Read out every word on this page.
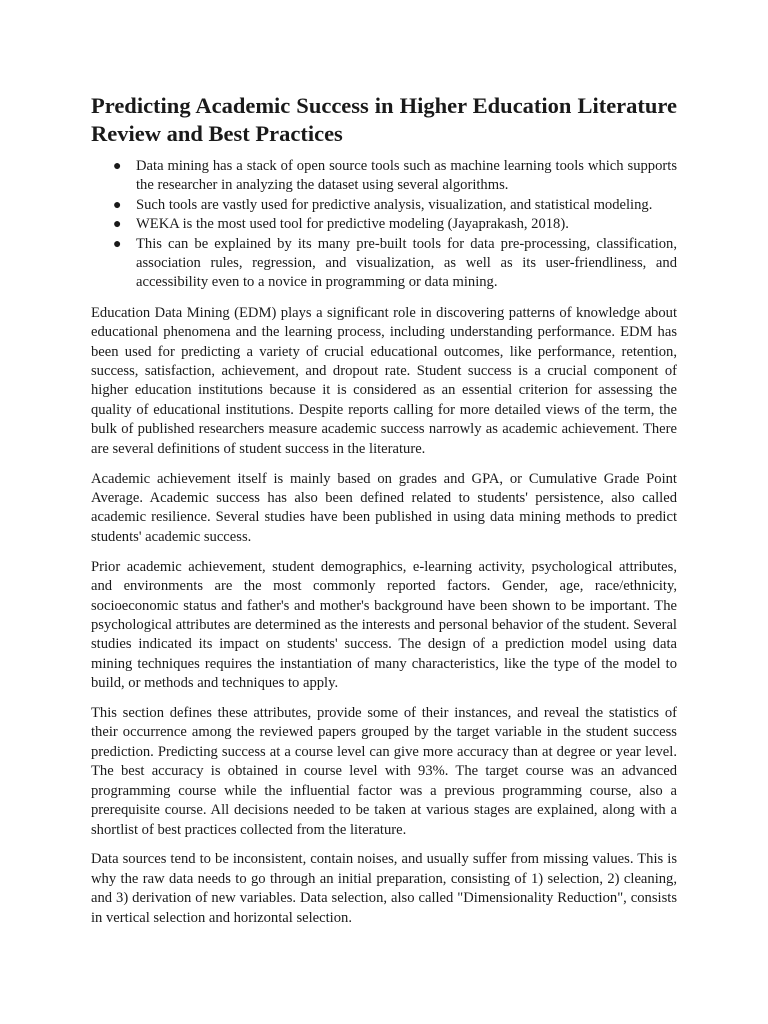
Predicting Academic Success in Higher Education Literature Review and Best Practices
● Data mining has a stack of open source tools such as machine learning tools which supports the researcher in analyzing the dataset using several algorithms.
● Such tools are vastly used for predictive analysis, visualization, and statistical modeling.
● WEKA is the most used tool for predictive modeling (Jayaprakash, 2018).
● This can be explained by its many pre-built tools for data pre-processing, classification, association rules, regression, and visualization, as well as its user-friendliness, and accessibility even to a novice in programming or data mining.

Education Data Mining (EDM) plays a significant role in discovering patterns of knowledge about educational phenomena and the learning process, including understanding performance. EDM has been used for predicting a variety of crucial educational outcomes, like performance, retention, success, satisfaction, achievement, and dropout rate. Student success is a crucial component of higher education institutions because it is considered as an essential criterion for assessing the quality of educational institutions. Despite reports calling for more detailed views of the term, the bulk of published researchers measure academic success narrowly as academic achievement. There are several definitions of student success in the literature.

Academic achievement itself is mainly based on grades and GPA, or Cumulative Grade Point Average. Academic success has also been defined related to students' persistence, also called academic resilience. Several studies have been published in using data mining methods to predict students' academic success.

Prior academic achievement, student demographics, e-learning activity, psychological attributes, and environments are the most commonly reported factors. Gender, age, race/ethnicity, socioeconomic status and father's and mother's background have been shown to be important. The psychological attributes are determined as the interests and personal behavior of the student. Several studies indicated its impact on students' success. The design of a prediction model using data mining techniques requires the instantiation of many characteristics, like the type of the model to build, or methods and techniques to apply.

This section defines these attributes, provide some of their instances, and reveal the statistics of their occurrence among the reviewed papers grouped by the target variable in the student success prediction. Predicting success at a course level can give more accuracy than at degree or year level. The best accuracy is obtained in course level with 93%. The target course was an advanced programming course while the influential factor was a previous programming course, also a prerequisite course. All decisions needed to be taken at various stages are explained, along with a shortlist of best practices collected from the literature.

Data sources tend to be inconsistent, contain noises, and usually suffer from missing values. This is why the raw data needs to go through an initial preparation, consisting of 1) selection, 2) cleaning, and 3) derivation of new variables. Data selection, also called "Dimensionality Reduction", consists in vertical selection and horizontal selection.
